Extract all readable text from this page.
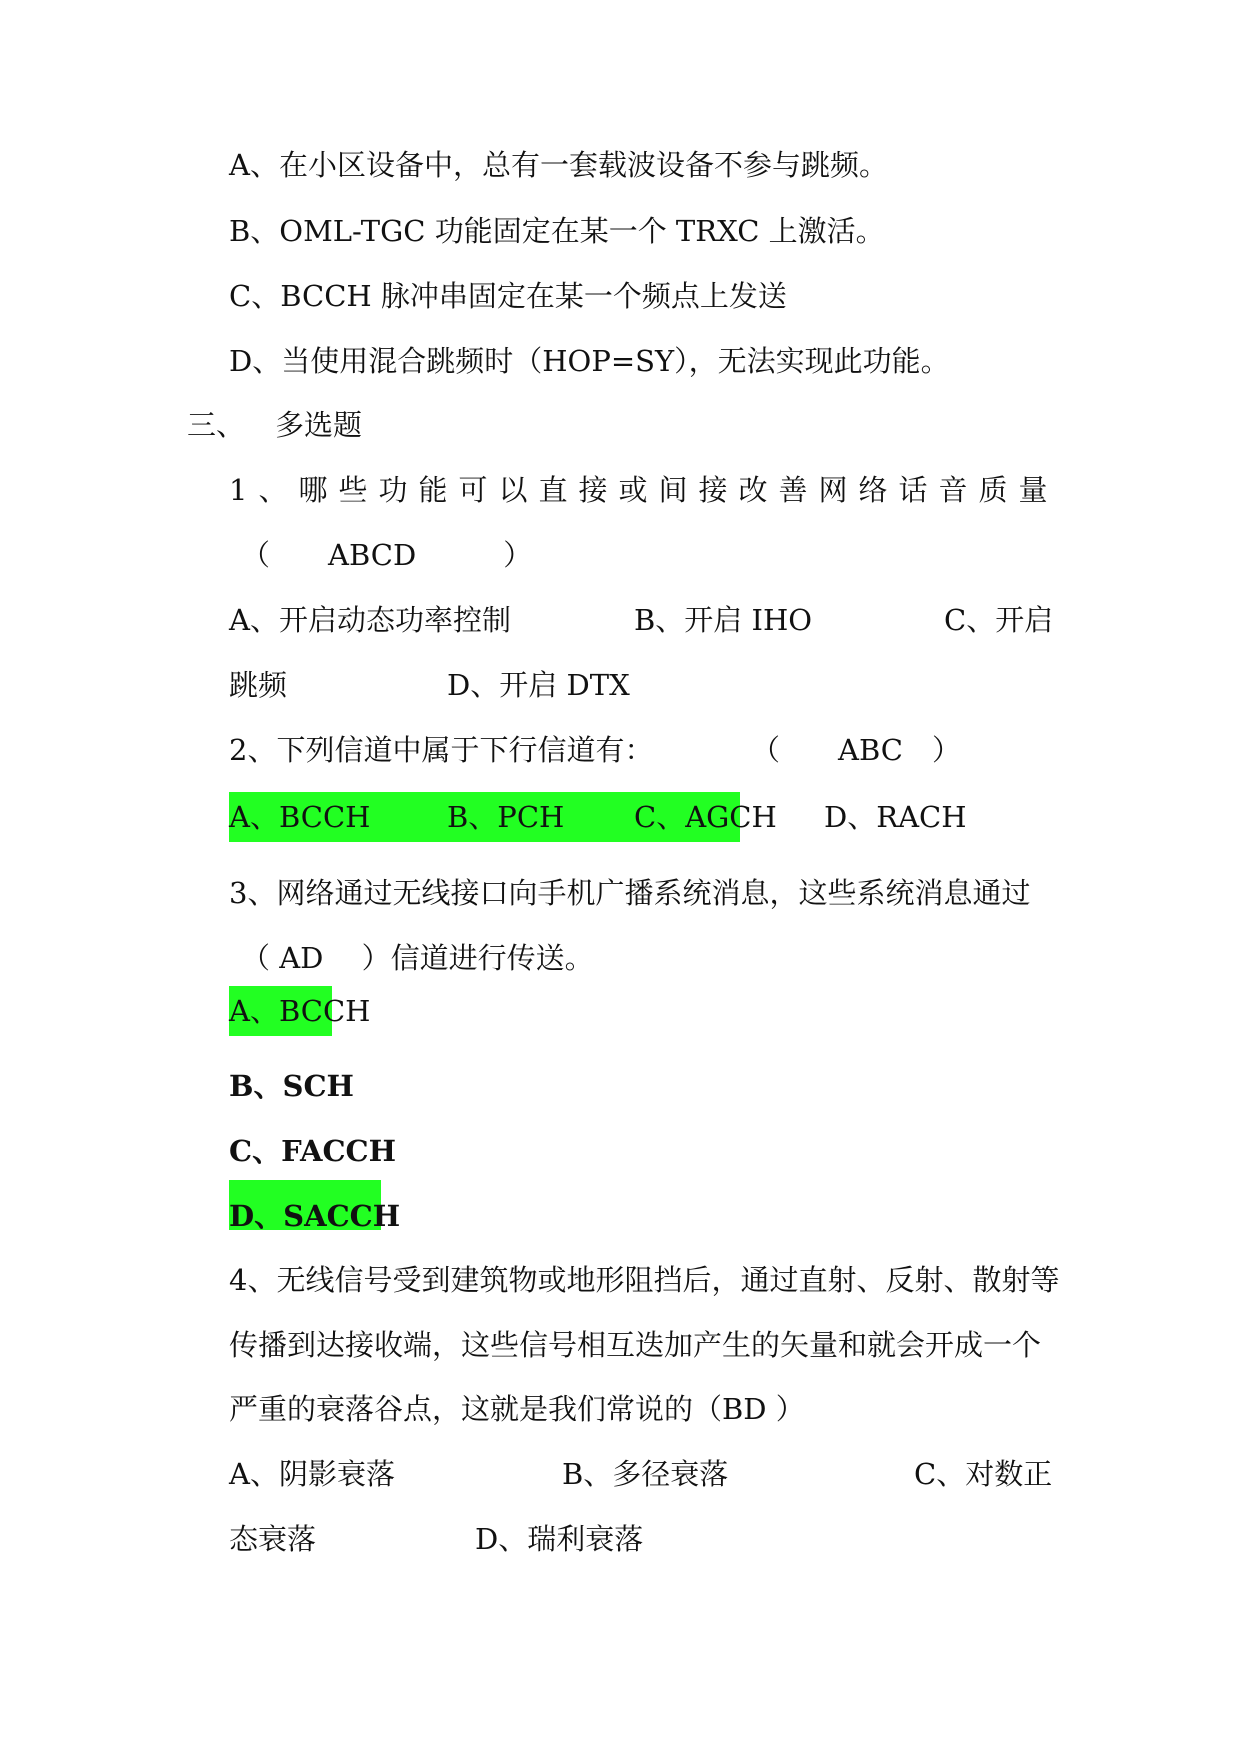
A、在小区设备中，总有一套载波设备不参与跳频。
B、OML-TGC 功能固定在某一个 TRXC 上激活。
C、BCCH 脉冲串固定在某一个频点上发送
D、当使用混合跳频时（HOP=SY），无法实现此功能。
三、 多选题
1、哪些功能可以直接或间接改善网络话音质量
（　　ABCD　　　）
A、开启动态功率控制	B、开启 IHO	C、开启
跳频	D、开启 DTX
2、下列信道中属于下行信道有：	（　　ABC　）
A、BCCH	B、PCH C、AGCH D、RACH
3、网络通过无线接口向手机广播系统消息，这些系统消息通过
（ AD　 ）信道进行传送。
A、BCCH
B、SCH
C、FACCH
D、SACCH
4、无线信号受到建筑物或地形阻挡后，通过直射、反射、散射等
传播到达接收端，这些信号相互迭加产生的矢量和就会开成一个
严重的衰落谷点，这就是我们常说的（BD ）
A、阴影衰落	B、多径衰落	C、对数正
态衰落	D、瑞利衰落
